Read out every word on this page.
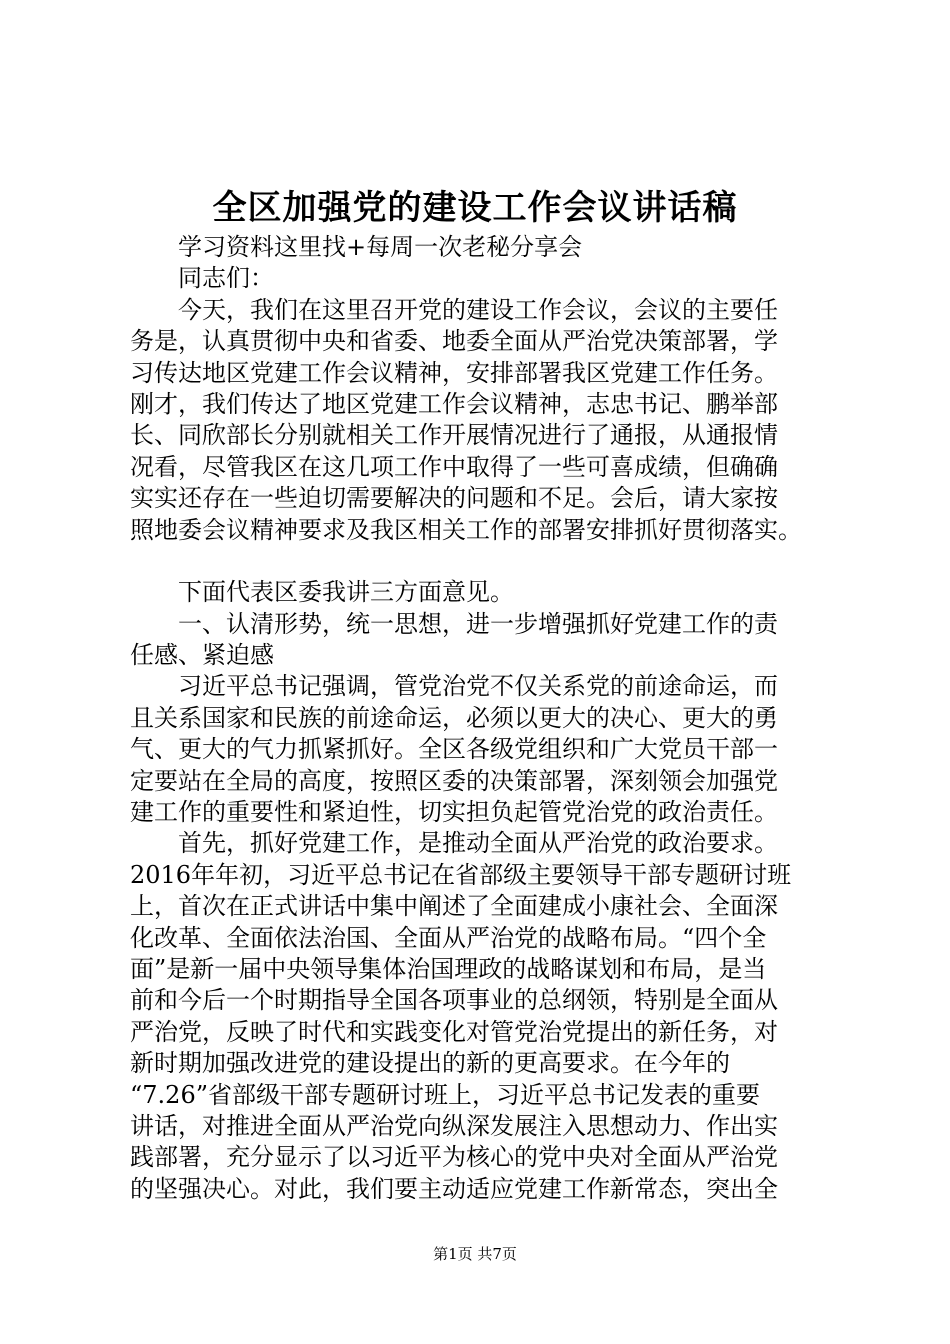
全区加强党的建设工作会议讲话稿
学习资料这里找+每周一次老秘分享会
同志们：
今天，我们在这里召开党的建设工作会议，会议的主要任
务是，认真贯彻中央和省委、地委全面从严治党决策部署，学
习传达地区党建工作会议精神，安排部署我区党建工作任务。
刚才，我们传达了地区党建工作会议精神，志忠书记、鹏举部
长、同欣部长分别就相关工作开展情况进行了通报，从通报情
况看，尽管我区在这几项工作中取得了一些可喜成绩，但确确
实实还存在一些迫切需要解决的问题和不足。会后，请大家按
照地委会议精神要求及我区相关工作的部署安排抓好贯彻落实。
下面代表区委我讲三方面意见。
一、认清形势，统一思想，进一步增强抓好党建工作的责
任感、紧迫感
习近平总书记强调，管党治党不仅关系党的前途命运，而
且关系国家和民族的前途命运，必须以更大的决心、更大的勇
气、更大的气力抓紧抓好。全区各级党组织和广大党员干部一
定要站在全局的高度，按照区委的决策部署，深刻领会加强党
建工作的重要性和紧迫性，切实担负起管党治党的政治责任。
首先，抓好党建工作，是推动全面从严治党的政治要求。
2016年年初，习近平总书记在省部级主要领导干部专题研讨班
上，首次在正式讲话中集中阐述了全面建成小康社会、全面深
化改革、全面依法治国、全面从严治党的战略布局。“四个全
面”是新一届中央领导集体治国理政的战略谋划和布局，是当
前和今后一个时期指导全国各项事业的总纲领，特别是全面从
严治党，反映了时代和实践变化对管党治党提出的新任务，对
新时期加强改进党的建设提出的新的更高要求。在今年的
“7.26”省部级干部专题研讨班上，习近平总书记发表的重要
讲话，对推进全面从严治党向纵深发展注入思想动力、作出实
践部署，充分显示了以习近平为核心的党中央对全面从严治党
的坚强决心。对此，我们要主动适应党建工作新常态，突出全
第1页 共7页
